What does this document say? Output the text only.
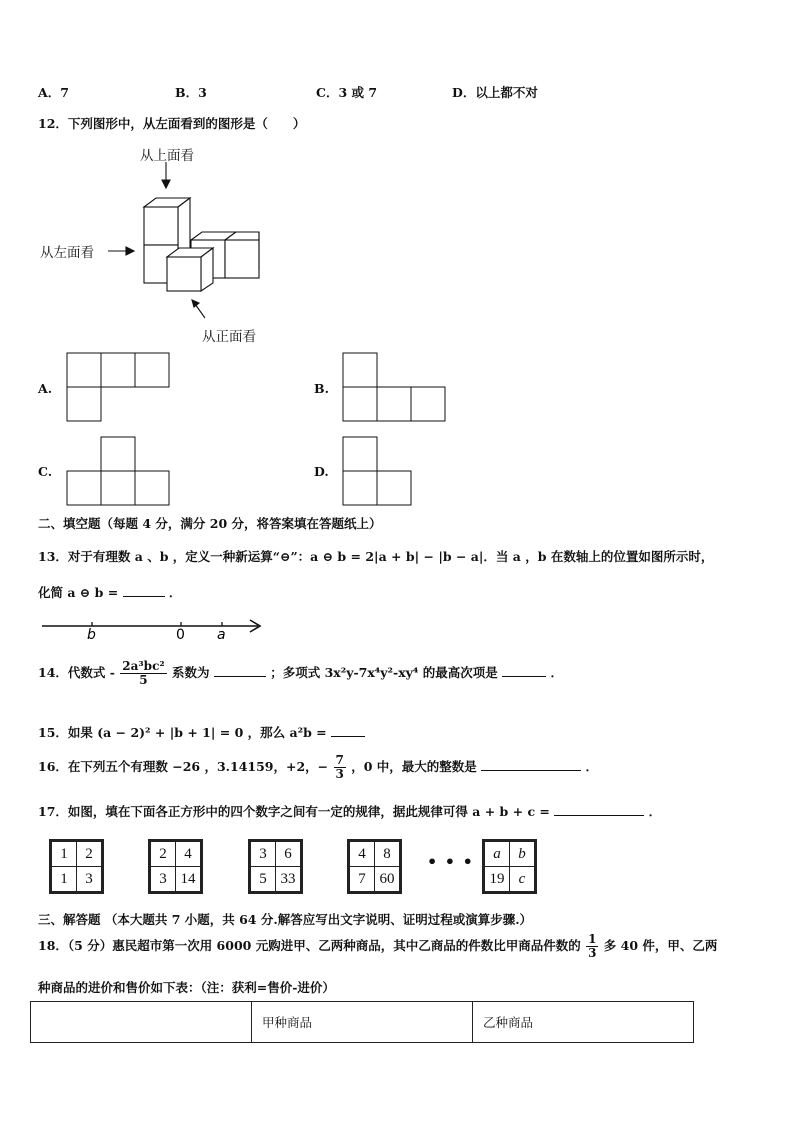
A．7	B．3	C．3 或 7	D．以上都不对
12．下列图形中，从左面看到的图形是（　　）
从上面看
从左面看
从正面看
A.	B.
C.	D.
二、填空题（每题 4 分，满分 20 分，将答案填在答题纸上）
13．对于有理数 a 、b ，定义一种新运算“⊖”：a ⊖ b = 2|a + b| − |b − a|．当 a ，b 在数轴上的位置如图所示时，
化简 a ⊖ b =	．
b	0 a
14．代数式 - $\frac{\text{2a³bc²}}{5}$ 系数为	；多项式 3x²y-7x⁴y²-xy⁴ 的最高次项是	．
15．如果 (a − 2)² + |b + 1| = 0 ，那么 a²b =
16．在下列五个有理数 −26 ，3.14159，+2，− $\frac{7}{3}$ ，0 中，最大的整数是	．
17．如图，填在下面各正方形中的四个数字之间有一定的规律，据此规律可得 a + b + c =	．
1	2
1	3
2	4
3	14
3	6
5	33
4	8
7	60
• • • a	b
19	c
三、解答题 （本大题共 7 小题，共 64 分.解答应写出文字说明、证明过程或演算步骤.）
18．（5 分）惠民超市第一次用 6000 元购进甲、乙两种商品，其中乙商品的件数比甲商品件数的 $\frac{1}{3}$ 多 40 件，甲、乙两
种商品的进价和售价如下表：（注：获利=售价-进价）
	甲种商品	乙种商品
